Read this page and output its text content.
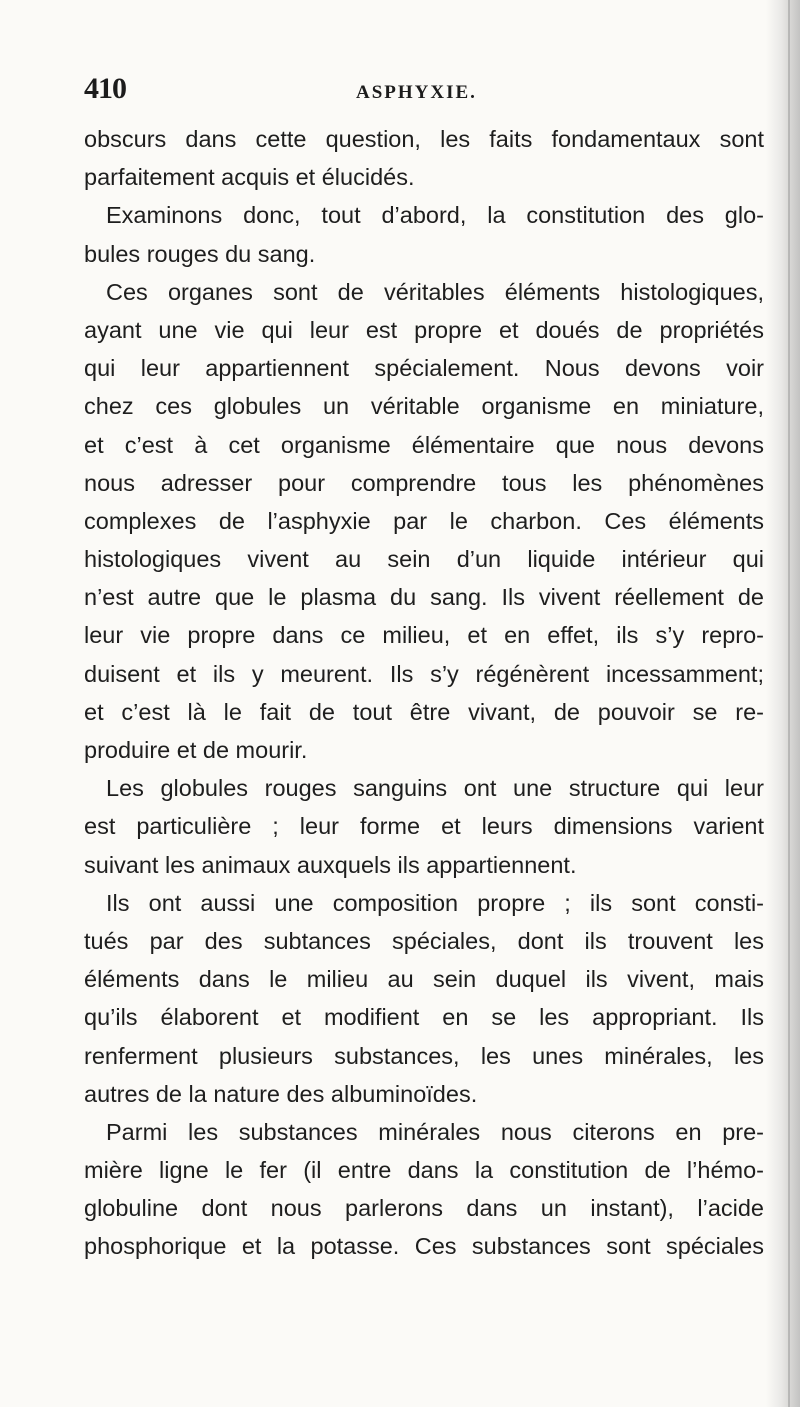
410	ASPHYXIE.
obscurs dans cette question, les faits fondamentaux sont
parfaitement acquis et élucidés.
Examinons donc, tout d’abord, la constitution des glo-
bules rouges du sang.
Ces organes sont de véritables éléments histologiques,
ayant une vie qui leur est propre et doués de propriétés
qui leur appartiennent spécialement. Nous devons voir
chez ces globules un véritable organisme en miniature,
et c’est à cet organisme élémentaire que nous devons
nous adresser pour comprendre tous les phénomènes
complexes de l’asphyxie par le charbon. Ces éléments
histologiques vivent au sein d’un liquide intérieur qui
n’est autre que le plasma du sang. Ils vivent réellement de
leur vie propre dans ce milieu, et en effet, ils s’y repro-
duisent et ils y meurent. Ils s’y régénèrent incessamment;
et c’est là le fait de tout être vivant, de pouvoir se re-
produire et de mourir.
Les globules rouges sanguins ont une structure qui leur
est particulière ; leur forme et leurs dimensions varient
suivant les animaux auxquels ils appartiennent.
Ils ont aussi une composition propre ; ils sont consti-
tués par des subtances spéciales, dont ils trouvent les
éléments dans le milieu au sein duquel ils vivent, mais
qu’ils élaborent et modifient en se les appropriant. Ils
renferment plusieurs substances, les unes minérales, les
autres de la nature des albuminoïdes.
Parmi les substances minérales nous citerons en pre-
mière ligne le fer (il entre dans la constitution de l’hémo-
globuline dont nous parlerons dans un instant), l’acide
phosphorique et la potasse. Ces substances sont spéciales
